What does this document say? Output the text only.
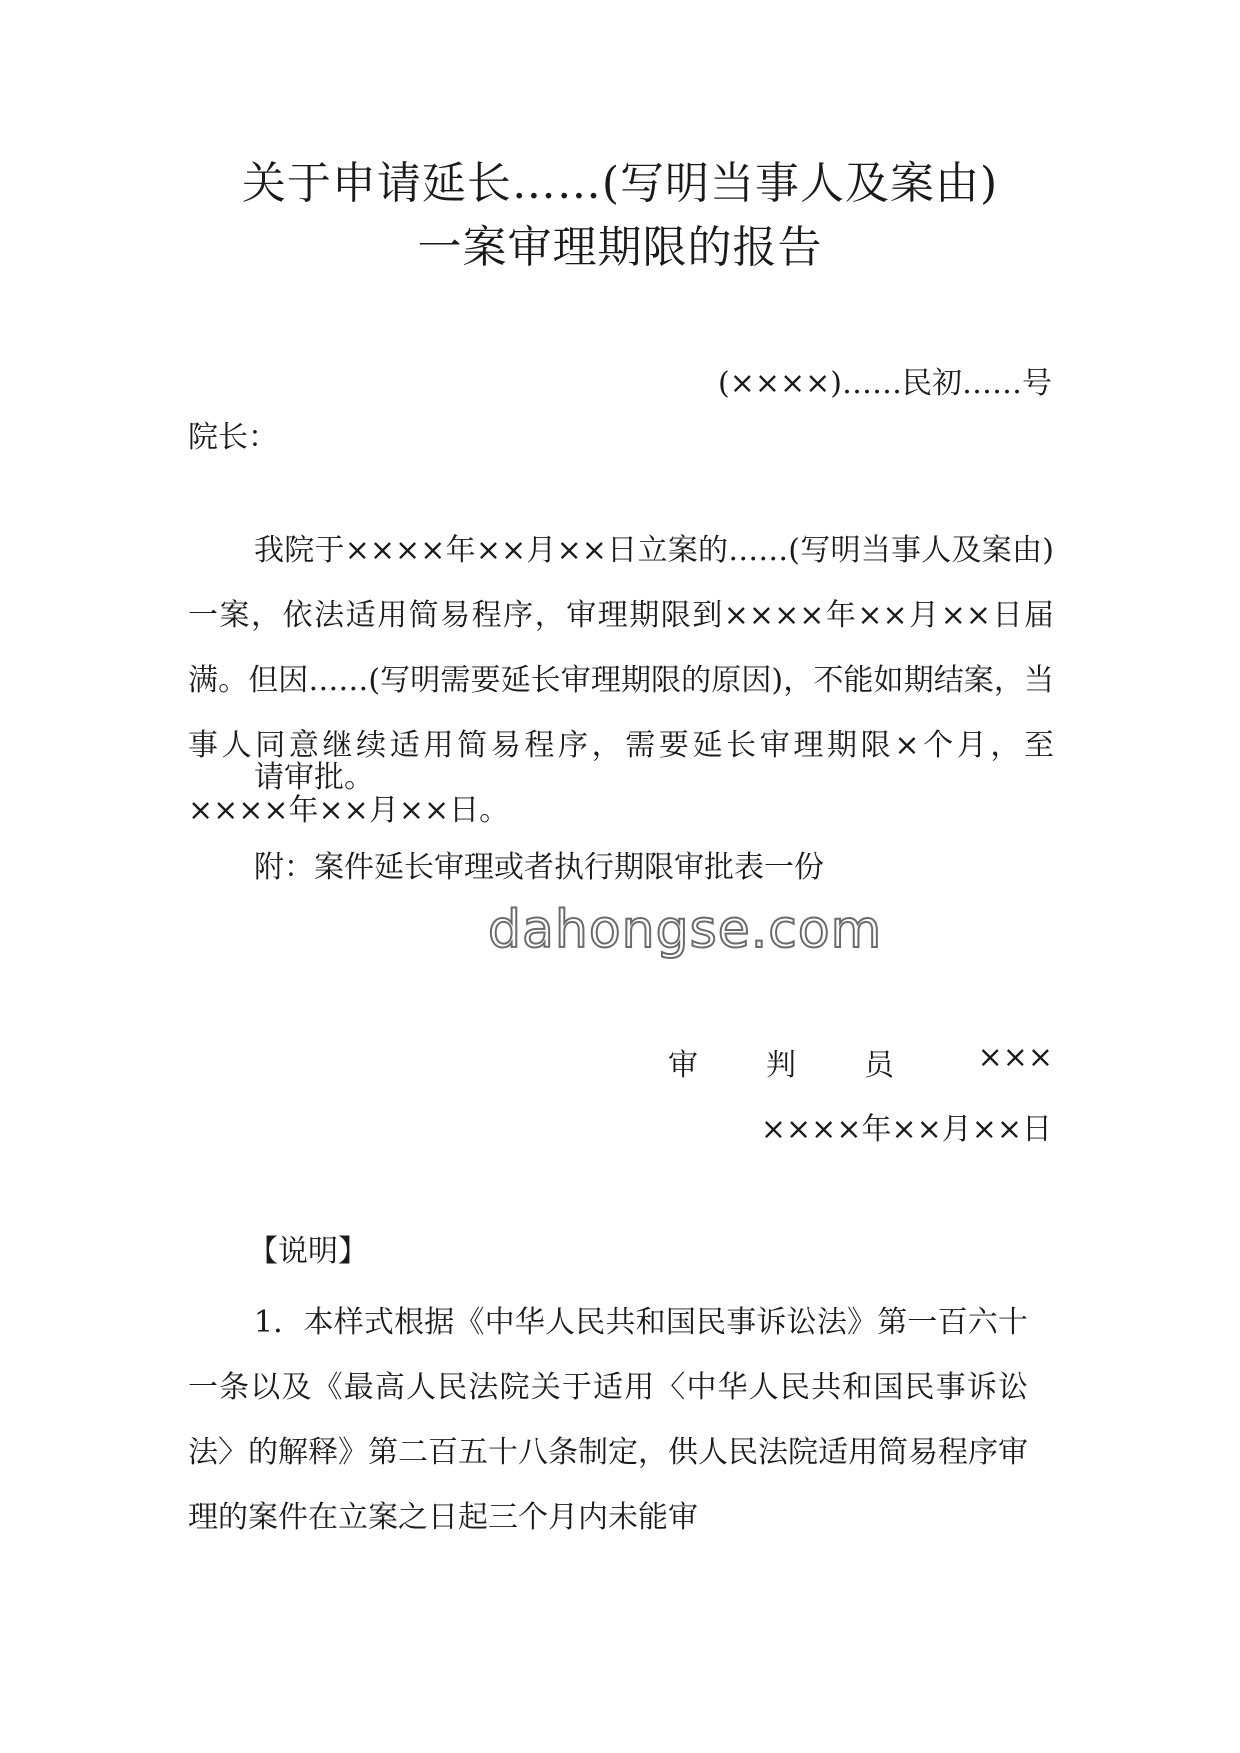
关于申请延长……(写明当事人及案由)
一案审理期限的报告
(××××)……民初……号
院长：
我院于××××年××月××日立案的……(写明当事人及案由)一案，依法适用简易程序，审理期限到××××年××月××日届满。但因……(写明需要延长审理期限的原因)，不能如期结案，当事人同意继续适用简易程序，需要延长审理期限×个月，至××××年××月××日。
请审批。
附：案件延长审理或者执行期限审批表一份
审 判 员	×××
××××年××月××日
【说明】
1．本样式根据《中华人民共和国民事诉讼法》第一百六十一条以及《最高人民法院关于适用〈中华人民共和国民事诉讼法〉的解释》第二百五十八条制定，供人民法院适用简易程序审理的案件在立案之日起三个月内未能审
dahongse.com
